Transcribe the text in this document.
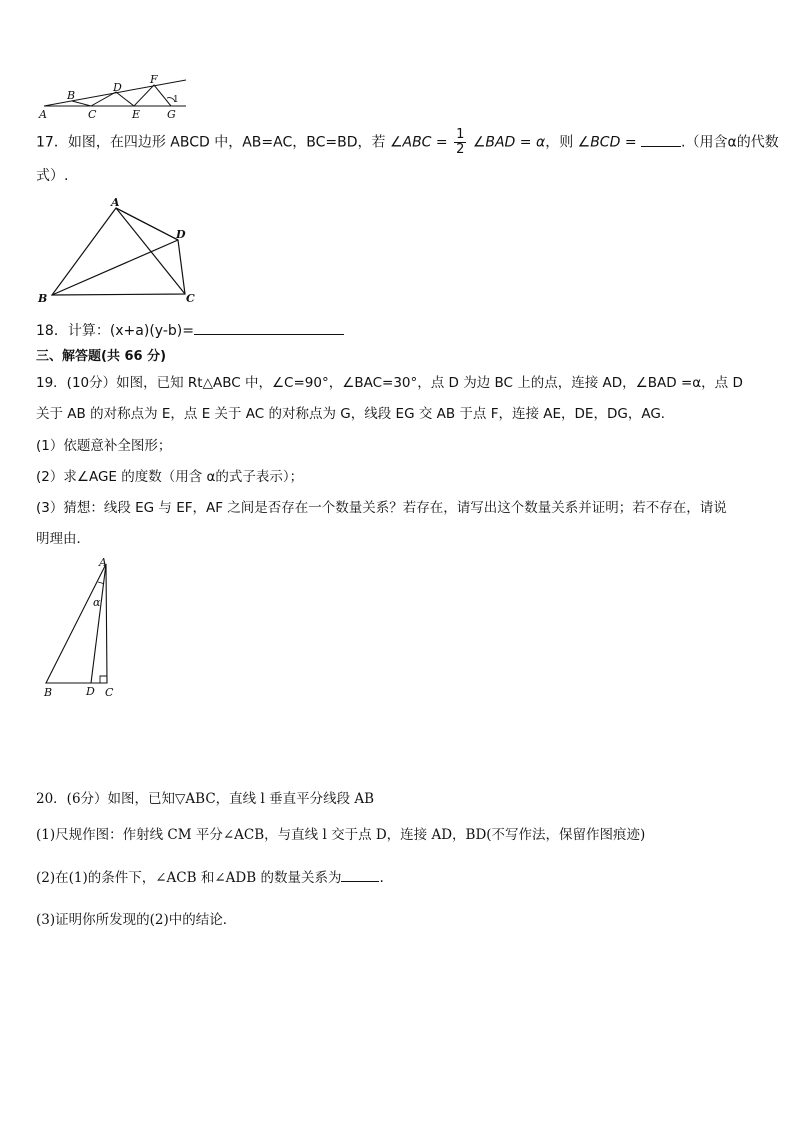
A
B
C
D
E
F
G
1
17．如图，在四边形 ABCD 中，AB=AC，BC=BD，若 ∠ABC = $\frac{1}{2}$ ∠BAD = α，则 ∠BCD =	.（用含α的代数
式）.
A
D
B	C
18．计算：(x+a)(y-b)=
三、解答题(共 66 分)
19．(10分）如图，已知 Rt△ABC 中，∠C=90°，∠BAC=30°，点 D 为边 BC 上的点，连接 AD，∠BAD =α，点 D
关于 AB 的对称点为 E，点 E 关于 AC 的对称点为 G，线段 EG 交 AB 于点 F，连接 AE，DE，DG，AG．
(1）依题意补全图形；
(2）求∠AGE 的度数（用含 α的式子表示）；
(3）猜想：线段 EG 与 EF，AF 之间是否存在一个数量关系？若存在，请写出这个数量关系并证明；若不存在，请说
明理由．
A
α
B	D C
20．(6分）如图，已知▽ABC，直线 l 垂直平分线段 AB
(1)尺规作图：作射线 CM 平分∠ACB，与直线 l 交于点 D，连接 AD，BD(不写作法，保留作图痕迹)
(2)在(1)的条件下，∠ACB 和∠ADB 的数量关系为	.
(3)证明你所发现的(2)中的结论．
